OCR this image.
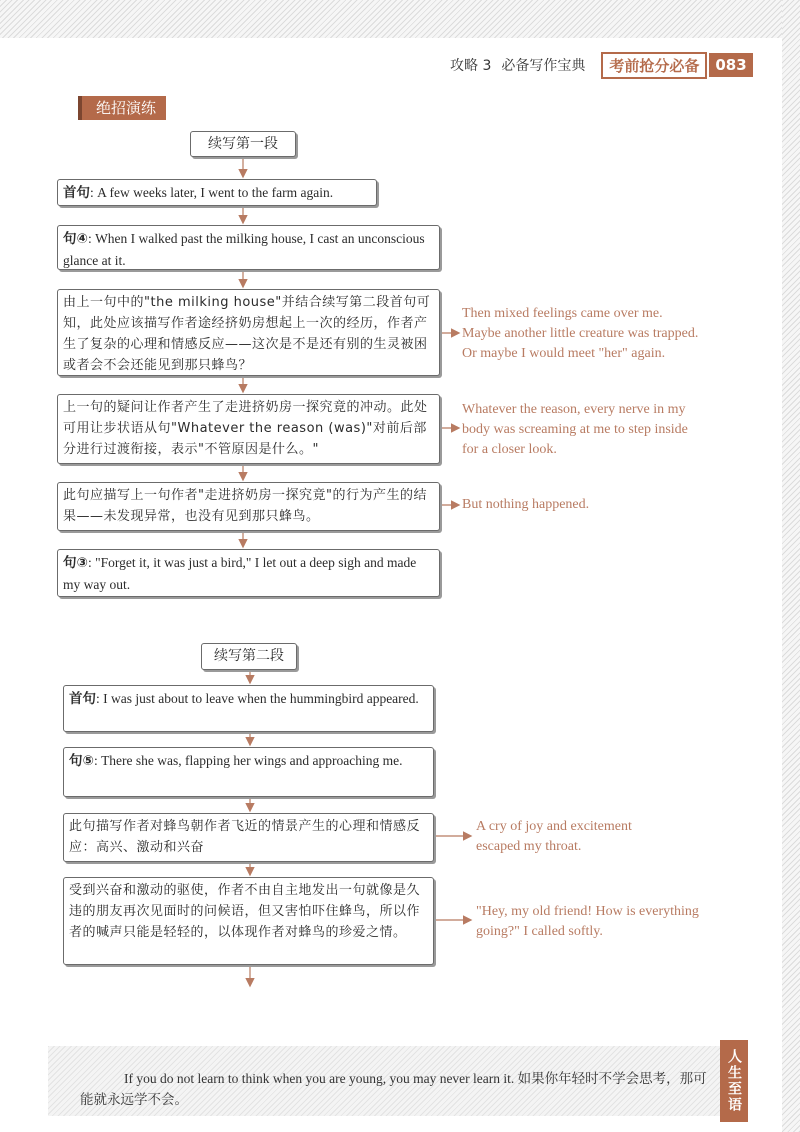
攻略 3 必备写作宝典	考前抢分必备	083
绝招演练
续写第一段
首句: A few weeks later, I went to the farm again.
句④: When I walked past the milking house, I cast an unconscious glance at it.
由上一句中的"the milking house"并结合续写第二段首句可知，此处应该描写作者途经挤奶房想起上一次的经历，作者产生了复杂的心理和情感反应——这次是不是还有别的生灵被困或者会不会还能见到那只蜂鸟？
Then mixed feelings came over me.
Maybe another little creature was trapped.
Or maybe I would meet "her" again.
上一句的疑问让作者产生了走进挤奶房一探究竟的冲动。此处可用让步状语从句"Whatever the reason (was)"对前后部分进行过渡衔接，表示"不管原因是什么。"
Whatever the reason, every nerve in my
body was screaming at me to step inside
for a closer look.
此句应描写上一句作者"走进挤奶房一探究竟"的行为产生的结果——未发现异常，也没有见到那只蜂鸟。
But nothing happened.
句③: "Forget it, it was just a bird," I let out a deep sigh and made my way out.
续写第二段
首句: I was just about to leave when the hummingbird appeared.
句⑤: There she was, flapping her wings and approaching me.
此句描写作者对蜂鸟朝作者飞近的情景产生的心理和情感反应：高兴、激动和兴奋
A cry of joy and excitement
escaped my throat.
受到兴奋和激动的驱使，作者不由自主地发出一句就像是久违的朋友再次见面时的问候语，但又害怕吓住蜂鸟，所以作者的喊声只能是轻轻的，以体现作者对蜂鸟的珍爱之情。
"Hey, my old friend! How is everything
going?" I called softly.
If you do not learn to think when you are young, you may never learn it. 如果你年轻时不学会思考，那可能就永远学不会。	人生至语
